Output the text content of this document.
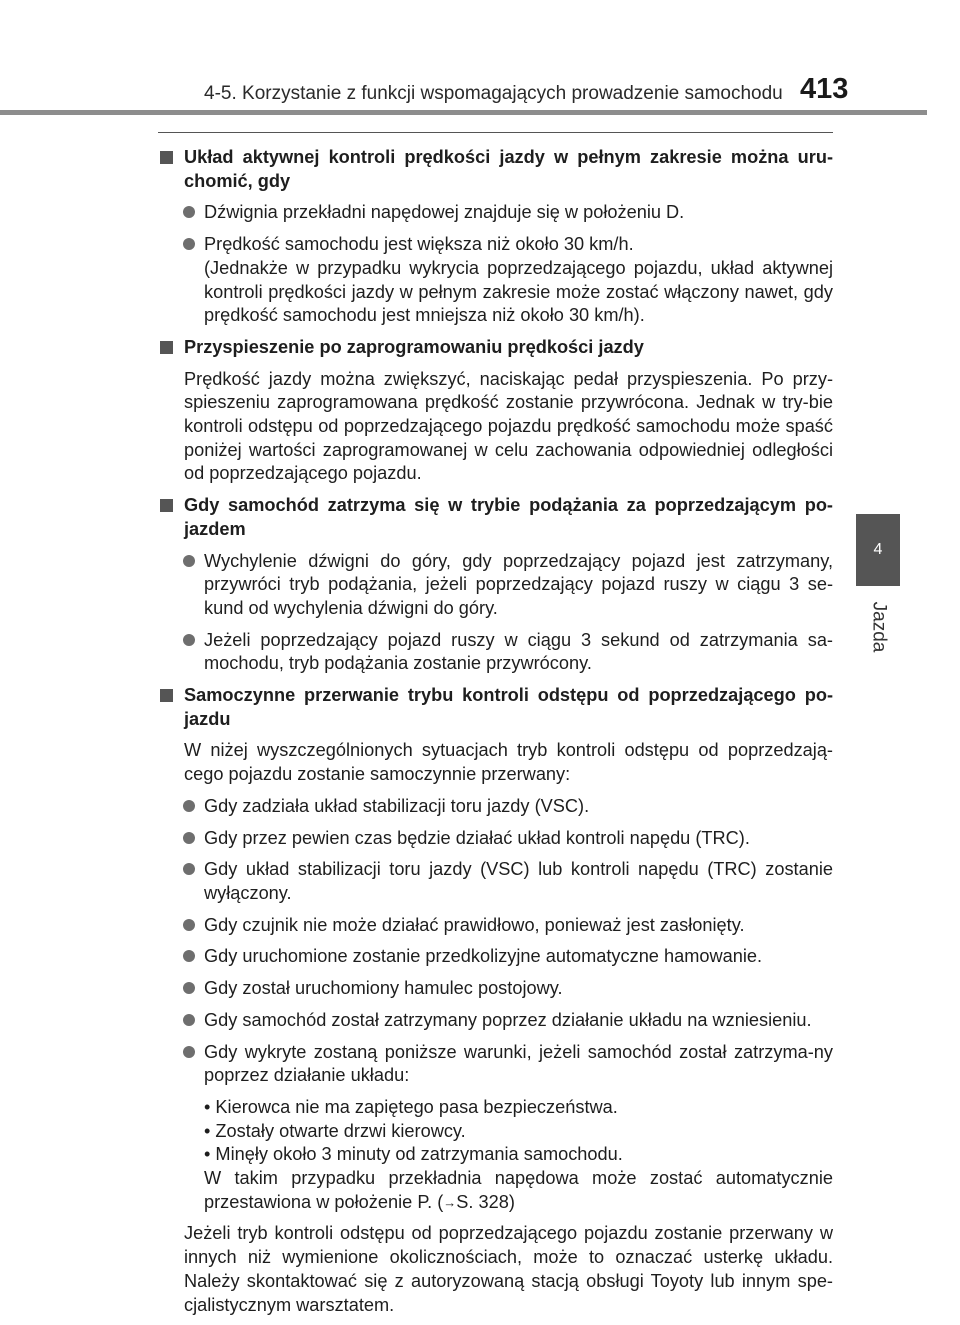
4-5. Korzystanie z funkcji wspomagających prowadzenie samochodu 413
4
Jazda
Układ aktywnej kontroli prędkości jazdy w pełnym zakresie można uru-chomić, gdy
Dźwignia przekładni napędowej znajduje się w położeniu D.
Prędkość samochodu jest większa niż około 30 km/h.
(Jednakże w przypadku wykrycia poprzedzającego pojazdu, układ aktywnej kontroli prędkości jazdy w pełnym zakresie może zostać włączony nawet, gdy prędkość samochodu jest mniejsza niż około 30 km/h).
Przyspieszenie po zaprogramowaniu prędkości jazdy
Prędkość jazdy można zwiększyć, naciskając pedał przyspieszenia. Po przy-spieszeniu zaprogramowana prędkość zostanie przywrócona. Jednak w try-bie kontroli odstępu od poprzedzającego pojazdu prędkość samochodu może spaść poniżej wartości zaprogramowanej w celu zachowania odpowiedniej odległości od poprzedzającego pojazdu.
Gdy samochód zatrzyma się w trybie podążania za poprzedzającym po-jazdem
Wychylenie dźwigni do góry, gdy poprzedzający pojazd jest zatrzymany, przywróci tryb podążania, jeżeli poprzedzający pojazd ruszy w ciągu 3 se-kund od wychylenia dźwigni do góry.
Jeżeli poprzedzający pojazd ruszy w ciągu 3 sekund od zatrzymania sa-mochodu, tryb podążania zostanie przywrócony.
Samoczynne przerwanie trybu kontroli odstępu od poprzedzającego po-jazdu
W niżej wyszczególnionych sytuacjach tryb kontroli odstępu od poprzedzają-cego pojazdu zostanie samoczynnie przerwany:
Gdy zadziała układ stabilizacji toru jazdy (VSC).
Gdy przez pewien czas będzie działać układ kontroli napędu (TRC).
Gdy układ stabilizacji toru jazdy (VSC) lub kontroli napędu (TRC) zostanie wyłączony.
Gdy czujnik nie może działać prawidłowo, ponieważ jest zasłonięty.
Gdy uruchomione zostanie przedkolizyjne automatyczne hamowanie.
Gdy został uruchomiony hamulec postojowy.
Gdy samochód został zatrzymany poprzez działanie układu na wzniesieniu.
Gdy wykryte zostaną poniższe warunki, jeżeli samochód został zatrzyma-ny poprzez działanie układu:
• Kierowca nie ma zapiętego pasa bezpieczeństwa.
• Zostały otwarte drzwi kierowcy.
• Minęły około 3 minuty od zatrzymania samochodu.
W takim przypadku przekładnia napędowa może zostać automatycznie przestawiona w położenie P. (→S. 328)
Jeżeli tryb kontroli odstępu od poprzedzającego pojazdu zostanie przerwany w innych niż wymienione okolicznościach, może to oznaczać usterkę układu. Należy skontaktować się z autoryzowaną stacją obsługi Toyoty lub innym spe-cjalistycznym warsztatem.
